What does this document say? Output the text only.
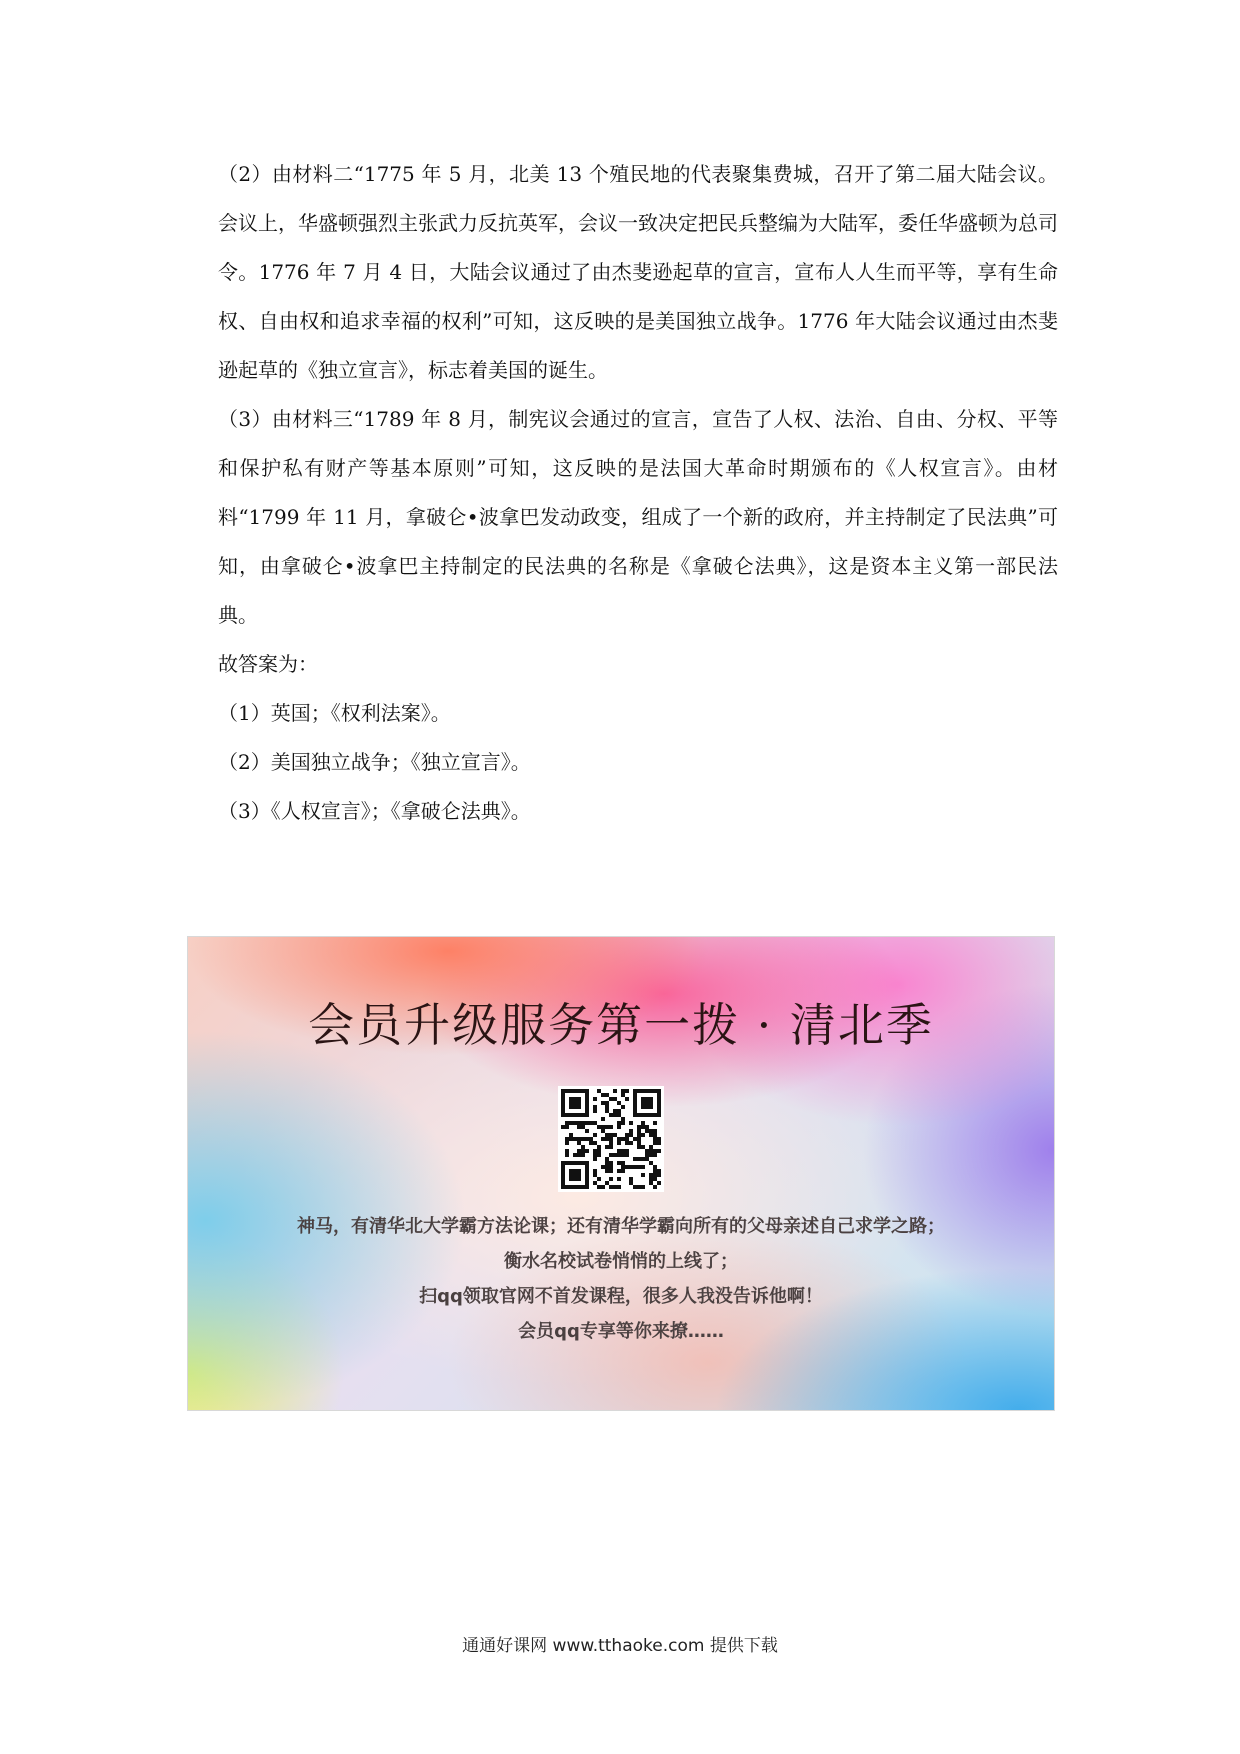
（2）由材料二“1775 年 5 月，北美 13 个殖民地的代表聚集费城，召开了第二届大陆会议。会议上，华盛顿强烈主张武力反抗英军，会议一致决定把民兵整编为大陆军，委任华盛顿为总司令。1776 年 7 月 4 日，大陆会议通过了由杰斐逊起草的宣言，宣布人人生而平等，享有生命权、自由权和追求幸福的权利”可知，这反映的是美国独立战争。1776 年大陆会议通过由杰斐逊起草的《独立宣言》，标志着美国的诞生。

（3）由材料三“1789 年 8 月，制宪议会通过的宣言，宣告了人权、法治、自由、分权、平等和保护私有财产等基本原则”可知，这反映的是法国大革命时期颁布的《人权宣言》。由材料“1799 年 11 月，拿破仑•波拿巴发动政变，组成了一个新的政府，并主持制定了民法典”可知，由拿破仑•波拿巴主持制定的民法典的名称是《拿破仑法典》，这是资本主义第一部民法典。

故答案为：

（1）英国；《权利法案》。

（2）美国独立战争；《独立宣言》。

（3）《人权宣言》；《拿破仑法典》。

会员升级服务第一拨 · 清北季
神马，有清华北大学霸方法论课；还有清华学霸向所有的父母亲述自己求学之路；
衡水名校试卷悄悄的上线了；
扫qq领取官网不首发课程，很多人我没告诉他啊！
会员qq专享等你来撩……
通通好课网 www.tthaoke.com 提供下载
